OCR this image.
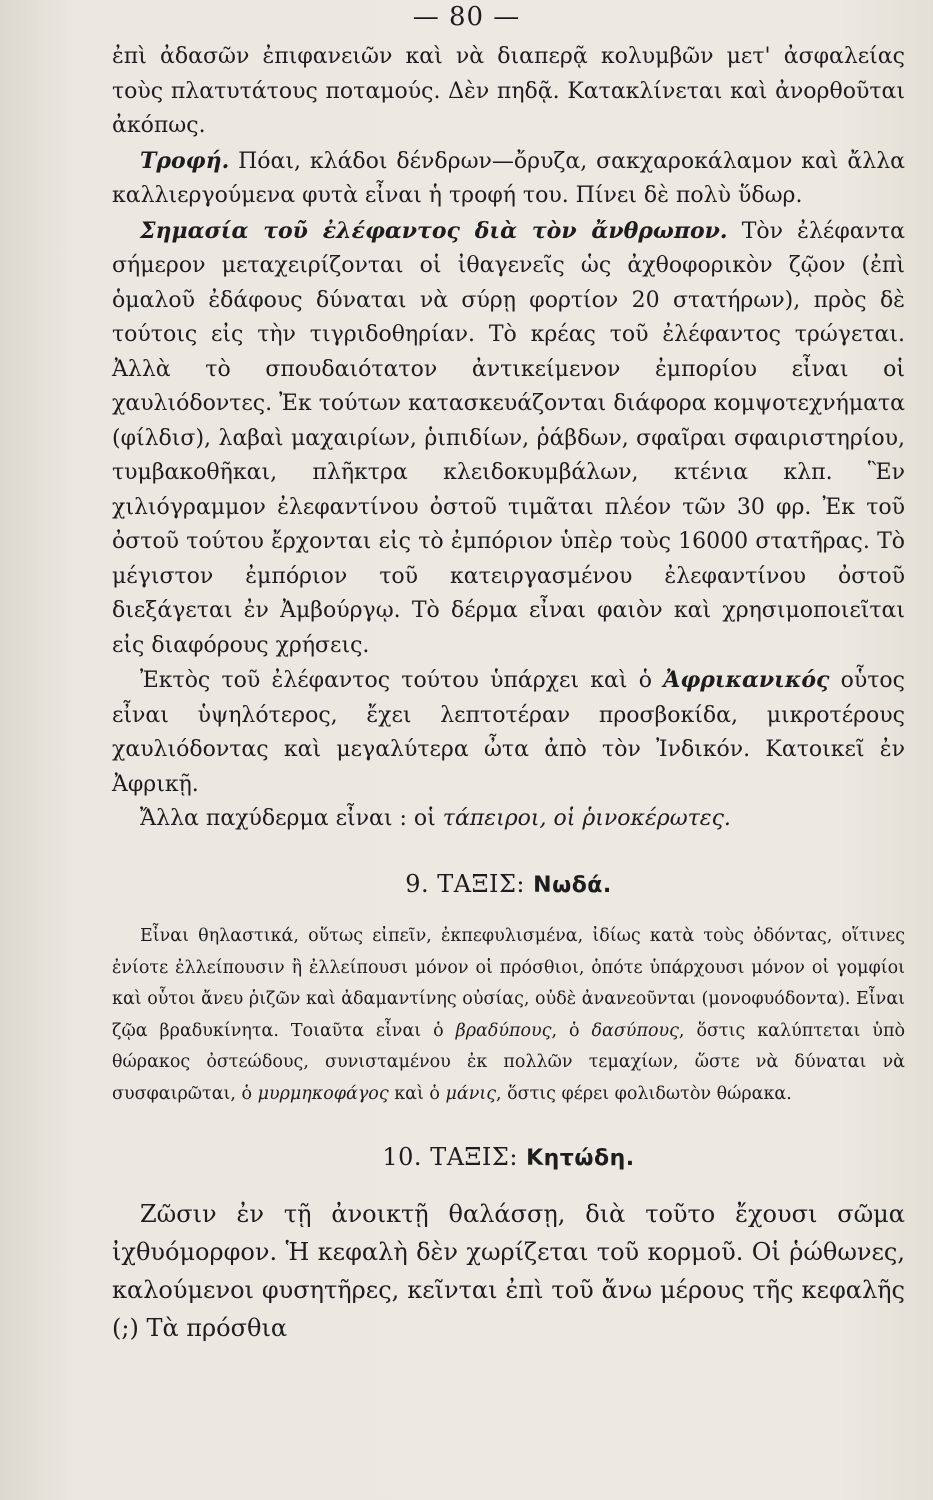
— 80 —

ἐπὶ ἀδασῶν ἐπιφανειῶν καὶ νὰ διαπερᾷ κολυμβῶν μετ' ἀσφαλείας τοὺς πλατυτάτους ποταμούς. Δὲν πηδᾷ. Κατακλίνεται καὶ ἀνορθοῦται ἀκόπως.

Τροφή. Πόαι, κλάδοι δένδρων—ὄρυζα, σακχαροκάλαμον καὶ ἄλλα καλλιεργούμενα φυτὰ εἶναι ἡ τροφή του. Πίνει δὲ πολὺ ὕδωρ.

Σημασία τοῦ ἐλέφαντος διὰ τὸν ἄνθρωπον. Τὸν ἐλέφαντα σήμερον μεταχειρίζονται οἱ ἰθαγενεῖς ὡς ἀχθοφορικὸν ζῷον (ἐπὶ ὁμαλοῦ ἐδάφους δύναται νὰ σύρῃ φορτίον 20 στατήρων), πρὸς δὲ τούτοις εἰς τὴν τιγριδοθηρίαν. Τὸ κρέας τοῦ ἐλέφαντος τρώγεται. Ἀλλὰ τὸ σπουδαιότατον ἀντικείμενον ἐμπορίου εἶναι οἱ χαυλιόδοντες. Ἐκ τούτων κατασκευάζονται διάφορα κομψοτεχνήματα (φίλδισ), λαβαὶ μαχαιρίων, ῥιπιδίων, ῥάβδων, σφαῖραι σφαιριστηρίου, τυμβακοθῆκαι, πλῆκτρα κλειδοκυμβάλων, κτένια κλπ. Ἓν χιλιόγραμμον ἐλεφαντίνου ὀστοῦ τιμᾶται πλέον τῶν 30 φρ. Ἐκ τοῦ ὀστοῦ τούτου ἔρχονται εἰς τὸ ἐμπόριον ὑπὲρ τοὺς 16000 στατῆρας. Τὸ μέγιστον ἐμπόριον τοῦ κατειργασμένου ἐλεφαντίνου ὀστοῦ διεξάγεται ἐν Ἀμβούργῳ. Τὸ δέρμα εἶναι φαιὸν καὶ χρησιμοποιεῖται εἰς διαφόρους χρήσεις.

Ἐκτὸς τοῦ ἐλέφαντος τούτου ὑπάρχει καὶ ὁ Ἀφρικανικός οὗτος εἶναι ὑψηλότερος, ἔχει λεπτοτέραν προσβοκίδα, μικροτέρους χαυλιόδοντας καὶ μεγαλύτερα ὦτα ἀπὸ τὸν Ἰνδικόν. Κατοικεῖ ἐν Ἀφρικῇ.

Ἄλλα παχύδερμα εἶναι : οἱ τάπειροι, οἱ ῥινοκέρωτες.

9. ΤΑΞΙΣ: Νωδά.

Εἶναι θηλαστικά, οὕτως εἰπεῖν, ἐκπεφυλισμένα, ἰδίως κατὰ τοὺς ὀδόντας, οἵτινες ἐνίοτε ἐλλείπουσιν ἢ ἐλλείπουσι μόνον οἱ πρόσθιοι, ὁπότε ὑπάρχουσι μόνον οἱ γομφίοι καὶ οὗτοι ἄνευ ῥιζῶν καὶ ἀδαμαντίνης οὐσίας, οὐδὲ ἀνανεοῦνται (μονοφυόδοντα). Εἶναι ζῷα βραδυκίνητα. Τοιαῦτα εἶναι ὁ βραδύπους, ὁ δασύπους, ὅστις καλύπτεται ὑπὸ θώρακος ὀστεώδους, συνισταμένου ἐκ πολλῶν τεμαχίων, ὥστε νὰ δύναται νὰ συσφαιρῶται, ὁ μυρμηκοφάγος καὶ ὁ μάνις, ὅστις φέρει φολιδωτὸν θώρακα.

10. ΤΑΞΙΣ: Κητώδη.

Ζῶσιν ἐν τῇ ἀνοικτῇ θαλάσσῃ, διὰ τοῦτο ἔχουσι σῶμα ἰχθυόμορφον. Ἡ κεφαλὴ δὲν χωρίζεται τοῦ κορμοῦ. Οἱ ῥώθωνες, καλούμενοι φυσητῆρες, κεῖνται ἐπὶ τοῦ ἄνω μέρους τῆς κεφαλῆς (;) Τὰ πρόσθια
